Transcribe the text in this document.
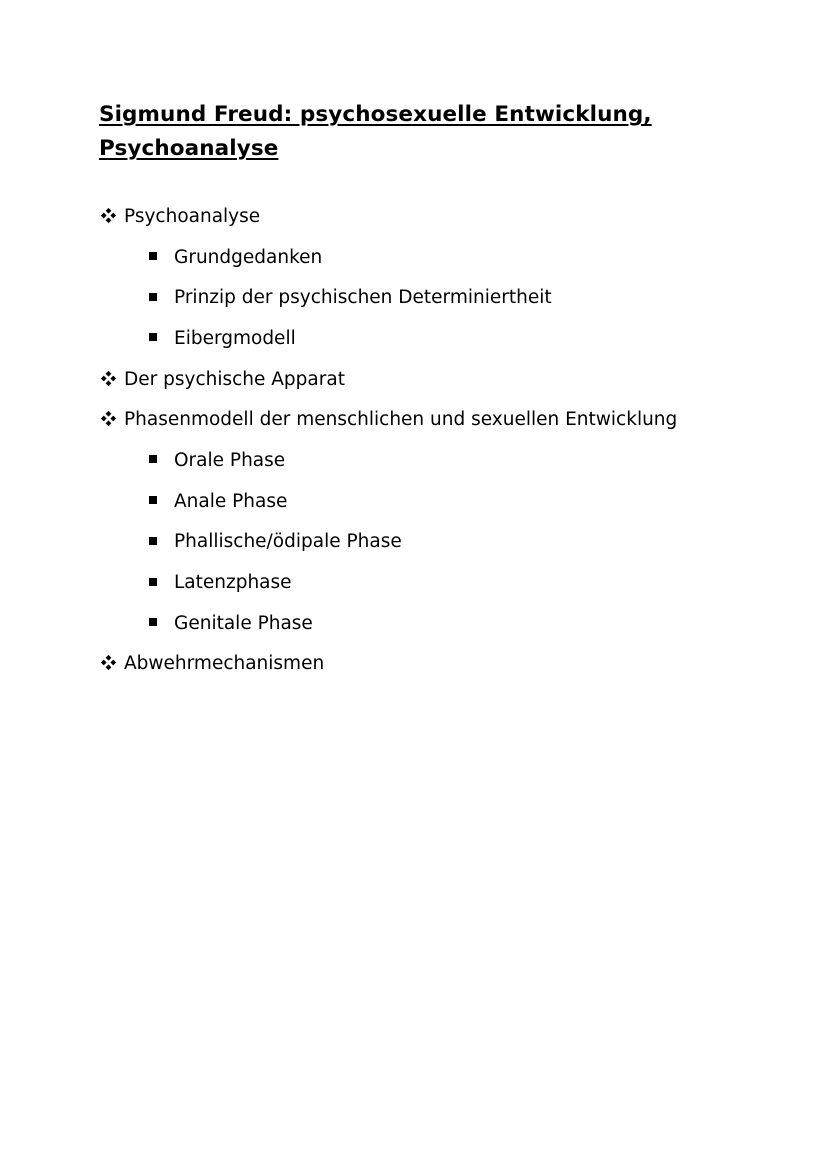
Sigmund Freud: psychosexuelle Entwicklung, Psychoanalyse
Psychoanalyse
Grundgedanken
Prinzip der psychischen Determiniertheit
Eibergmodell
Der psychische Apparat
Phasenmodell der menschlichen und sexuellen Entwicklung
Orale Phase
Anale Phase
Phallische/ödipale Phase
Latenzphase
Genitale Phase
Abwehrmechanismen
